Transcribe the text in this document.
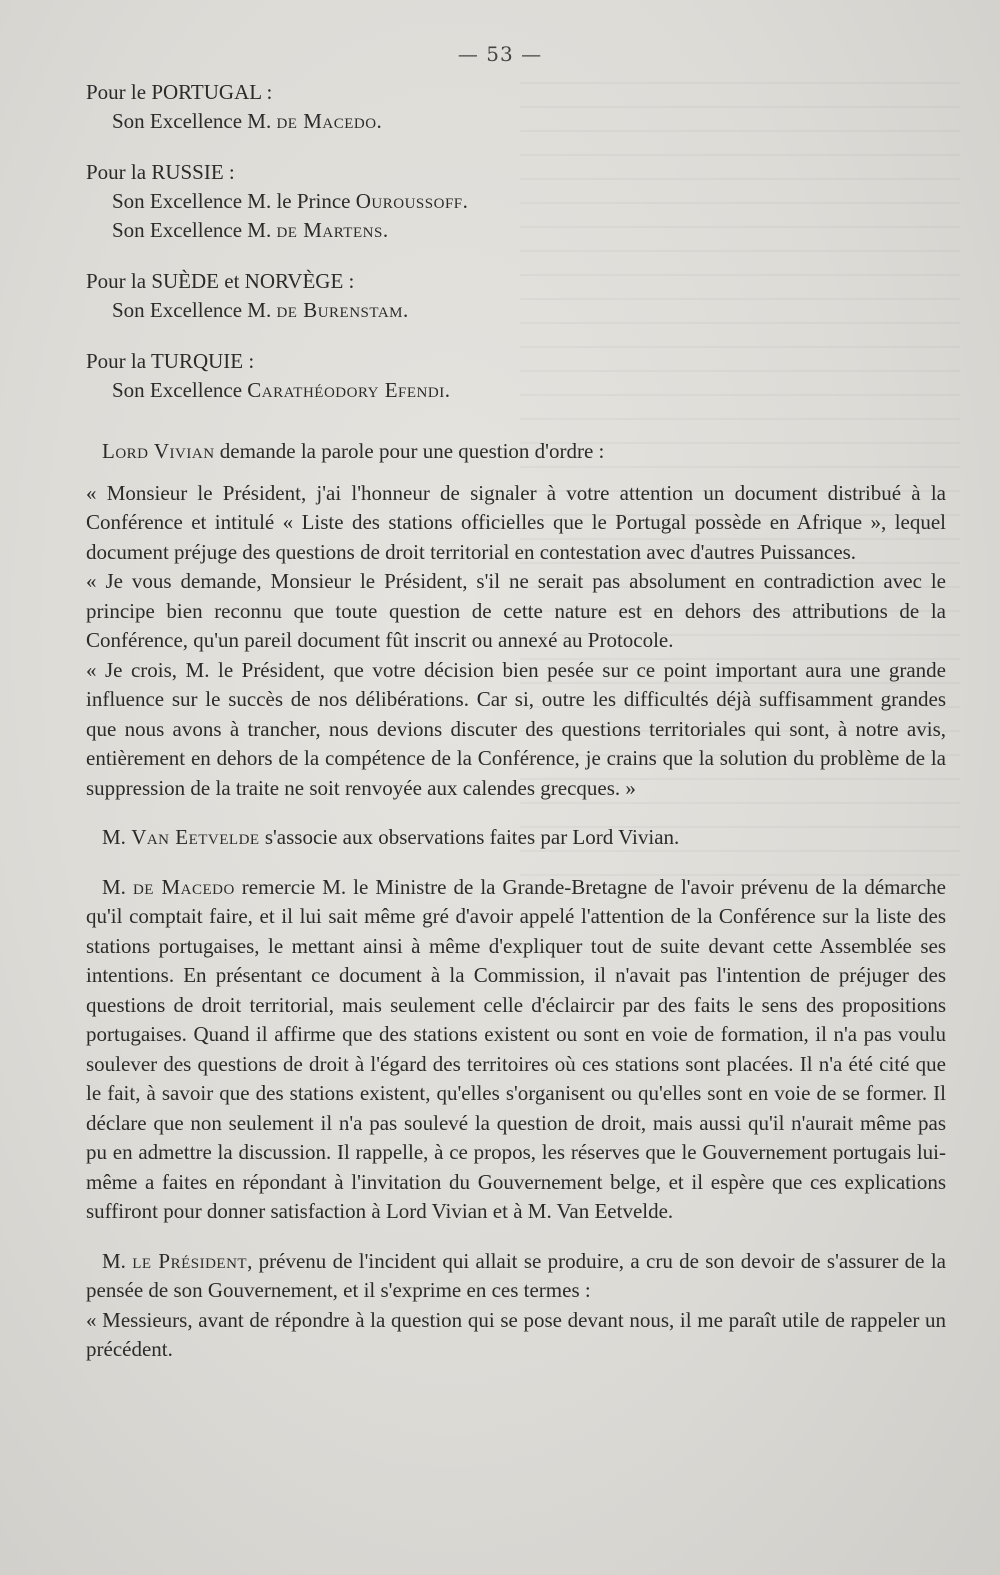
— 53 —

Pour le PORTUGAL :

Son Excellence M. de Macedo.

Pour la RUSSIE :

Son Excellence M. le Prince Ouroussoff.

Son Excellence M. de Martens.

Pour la SUÈDE et NORVÈGE :

Son Excellence M. de Burenstam.

Pour la TURQUIE :

Son Excellence Carathéodory Efendi.

Lord Vivian demande la parole pour une question d'ordre :

« Monsieur le Président, j'ai l'honneur de signaler à votre attention un document distribué à la Conférence et intitulé « Liste des stations officielles que le Portugal possède en Afrique », lequel document préjuge des questions de droit territorial en contestation avec d'autres Puissances.

« Je vous demande, Monsieur le Président, s'il ne serait pas absolument en contradiction avec le principe bien reconnu que toute question de cette nature est en dehors des attributions de la Conférence, qu'un pareil document fût inscrit ou annexé au Protocole.

« Je crois, M. le Président, que votre décision bien pesée sur ce point important aura une grande influence sur le succès de nos délibérations. Car si, outre les difficultés déjà suffisamment grandes que nous avons à trancher, nous devions discuter des questions territoriales qui sont, à notre avis, entièrement en dehors de la compétence de la Conférence, je crains que la solution du problème de la suppression de la traite ne soit renvoyée aux calendes grecques. »

M. Van Eetvelde s'associe aux observations faites par Lord Vivian.

M. de Macedo remercie M. le Ministre de la Grande-Bretagne de l'avoir prévenu de la démarche qu'il comptait faire, et il lui sait même gré d'avoir appelé l'attention de la Conférence sur la liste des stations portugaises, le mettant ainsi à même d'expliquer tout de suite devant cette Assemblée ses intentions. En présentant ce document à la Commission, il n'avait pas l'intention de préjuger des questions de droit territorial, mais seulement celle d'éclaircir par des faits le sens des propositions portugaises. Quand il affirme que des stations existent ou sont en voie de formation, il n'a pas voulu soulever des questions de droit à l'égard des territoires où ces stations sont placées. Il n'a été cité que le fait, à savoir que des stations existent, qu'elles s'organisent ou qu'elles sont en voie de se former. Il déclare que non seulement il n'a pas soulevé la question de droit, mais aussi qu'il n'aurait même pas pu en admettre la discussion. Il rappelle, à ce propos, les réserves que le Gouvernement portugais lui-même a faites en répondant à l'invitation du Gouvernement belge, et il espère que ces explications suffiront pour donner satisfaction à Lord Vivian et à M. Van Eetvelde.

M. le Président, prévenu de l'incident qui allait se produire, a cru de son devoir de s'assurer de la pensée de son Gouvernement, et il s'exprime en ces termes :

« Messieurs, avant de répondre à la question qui se pose devant nous, il me paraît utile de rappeler un précédent.
